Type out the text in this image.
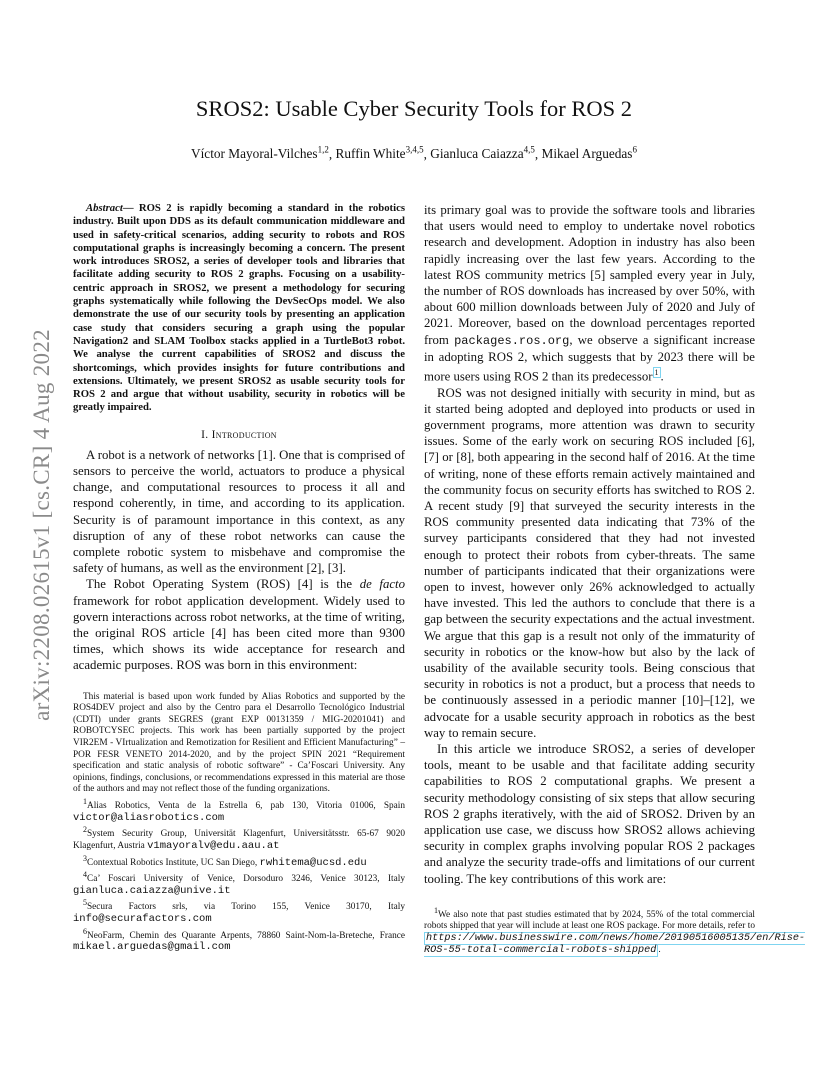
arXiv:2208.02615v1 [cs.CR] 4 Aug 2022
SROS2: Usable Cyber Security Tools for ROS 2
Víctor Mayoral-Vilches$^{1,2}$, Ruffin White$^{3,4,5}$, Gianluca Caiazza$^{4,5}$, Mikael Arguedas$^6$
Abstract— ROS 2 is rapidly becoming a standard in the robotics industry. Built upon DDS as its default communication middleware and used in safety-critical scenarios, adding security to robots and ROS computational graphs is increasingly becoming a concern. The present work introduces SROS2, a series of developer tools and libraries that facilitate adding security to ROS 2 graphs. Focusing on a usability-centric approach in SROS2, we present a methodology for securing graphs systematically while following the DevSecOps model. We also demonstrate the use of our security tools by presenting an application case study that considers securing a graph using the popular Navigation2 and SLAM Toolbox stacks applied in a TurtleBot3 robot. We analyse the current capabilities of SROS2 and discuss the shortcomings, which provides insights for future contributions and extensions. Ultimately, we present SROS2 as usable security tools for ROS 2 and argue that without usability, security in robotics will be greatly impaired.
I. Introduction

A robot is a network of networks [1]. One that is comprised of sensors to perceive the world, actuators to produce a physical change, and computational resources to process it all and respond coherently, in time, and according to its application. Security is of paramount importance in this context, as any disruption of any of these robot networks can cause the complete robotic system to misbehave and compromise the safety of humans, as well as the environment [2], [3].

The Robot Operating System (ROS) [4] is the de facto framework for robot application development. Widely used to govern interactions across robot networks, at the time of writing, the original ROS article [4] has been cited more than 9300 times, which shows its wide acceptance for research and academic purposes. ROS was born in this environment:

This material is based upon work funded by Alias Robotics and supported by the ROS4DEV project and also by the Centro para el Desarrollo Tecnológico Industrial (CDTI) under grants SEGRES (grant EXP 00131359 / MIG-20201041) and ROBOTCYSEC projects. This work has been partially supported by the project VIR2EM - VIrtualization and Remotization for Resilient and Efficient Manufacturing” – POR FESR VENETO 2014-2020, and by the project SPIN 2021 “Requirement specification and static analysis of robotic software” - Ca’Foscari University. Any opinions, findings, conclusions, or recommendations expressed in this material are those of the authors and may not reflect those of the funding organizations.

$^1$Alias Robotics, Venta de la Estrella 6, pab 130, Vitoria 01006, Spain victor@aliasrobotics.com

$^2$System Security Group, Universität Klagenfurt, Universitätsstr. 65-67 9020 Klagenfurt, Austria v1mayoralv@edu.aau.at

$^3$Contextual Robotics Institute, UC San Diego, rwhitema@ucsd.edu

$^4$Ca’ Foscari University of Venice, Dorsoduro 3246, Venice 30123, Italy gianluca.caiazza@unive.it

$^5$Secura Factors srls, via Torino 155, Venice 30170, Italy info@securafactors.com

$^6$NeoFarm, Chemin des Quarante Arpents, 78860 Saint-Nom-la-Breteche, France mikael.arguedas@gmail.com

its primary goal was to provide the software tools and libraries that users would need to employ to undertake novel robotics research and development. Adoption in industry has also been rapidly increasing over the last few years. According to the latest ROS community metrics [5] sampled every year in July, the number of ROS downloads has increased by over 50%, with about 600 million downloads between July of 2020 and July of 2021. Moreover, based on the download percentages reported from packages.ros.org, we observe a significant increase in adopting ROS 2, which suggests that by 2023 there will be more users using ROS 2 than its predecessor $^1$ .

ROS was not designed initially with security in mind, but as it started being adopted and deployed into products or used in government programs, more attention was drawn to security issues. Some of the early work on securing ROS included [6], [7] or [8], both appearing in the second half of 2016. At the time of writing, none of these efforts remain actively maintained and the community focus on security efforts has switched to ROS 2. A recent study [9] that surveyed the security interests in the ROS community presented data indicating that 73% of the survey participants considered that they had not invested enough to protect their robots from cyber-threats. The same number of participants indicated that their organizations were open to invest, however only 26% acknowledged to actually have invested. This led the authors to conclude that there is a gap between the security expectations and the actual investment. We argue that this gap is a result not only of the immaturity of security in robotics or the know-how but also by the lack of usability of the available security tools. Being conscious that security in robotics is not a product, but a process that needs to be continuously assessed in a periodic manner [10]–[12], we advocate for a usable security approach in robotics as the best way to remain secure.

In this article we introduce SROS2, a series of developer tools, meant to be usable and that facilitate adding security capabilities to ROS 2 computational graphs. We present a security methodology consisting of six steps that allow securing ROS 2 graphs iteratively, with the aid of SROS2. Driven by an application use case, we discuss how SROS2 allows achieving security in complex graphs involving popular ROS 2 packages and analyze the security trade-offs and limitations of our current tooling. The key contributions of this work are:

$^1$We also note that past studies estimated that by 2024, 55% of the total commercial robots shipped that year will include at least one ROS package. For more details, refer to https://www.businesswire.com/news/home/20190516005135/en/Rise-ROS-55-total-commercial-robots-shipped .
